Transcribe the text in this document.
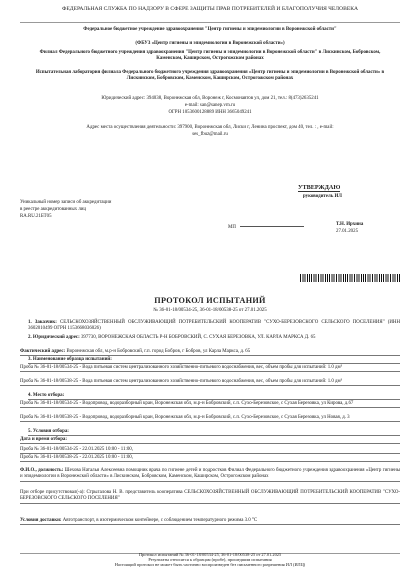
ФЕДЕРАЛЬНАЯ СЛУЖБА ПО НАДЗОРУ В СФЕРЕ ЗАЩИТЫ ПРАВ ПОТРЕБИТЕЛЕЙ И БЛАГОПОЛУЧИЯ ЧЕЛОВЕКА
Федеральное бюджетное учреждение здравоохранения "Центр гигиены и эпидемиологии в Воронежской области"
(ФБУЗ «Центр гигиены и эпидемиологии в Воронежской области»)
Филиал Федерального бюджетного учреждения здравоохранения "Центр гигиены и эпидемиологии в Воронежской области" в Лискинском, Бобровском, Каменском, Каширском, Острогожском районах
Испытательная лаборатория филиала Федерального бюджетного учреждения здравоохранения «Центр гигиены и эпидемиологии в Воронежской области» в Лискинском, Бобровском, Каменском, Каширском, Острогожском районах
Юридический адрес: 394038, Воронежская обл, Воронеж г, Космонавтов ул, дом 21, тел.: 8(473)2635241
e-mail: san@sanep.vrn.ru
ОГРН 1053600128889 ИНН 3665049241
Адрес места осуществления деятельности: 397900, Воронежская обл, Лиски г, Ленина проспект, дом 40, тел. : , e-mail:
ses_fbuz@mail.ru
Уникальный номер записи об аккредитации
в реестре аккредитованных лиц
RA.RU.21БТ05
УТВЕРЖДАЮ
руководитель ИЛ
МП
Т.Н. Ирхина
27.01.2025
ПРОТОКОЛ ИСПЫТАНИЙ
№ 36-01-18/00534-25, 36-01-18/00538-25 от 27.01.2025
1. Заказчик: СЕЛЬСКОХОЗЯЙСТВЕННЫЙ ОБСЛУЖИВАЮЩИЙ ПОТРЕБИТЕЛЬСКИЙ КООПЕРАТИВ "СУХО-БЕРЕЗОВСКОГО СЕЛЬСКОГО ПОСЕЛЕНИЯ" (ИНН 3602010499 ОГРН 1153668036026)
2. Юридический адрес: 397730, ВОРОНЕЖСКАЯ ОБЛАСТЬ Р-Н БОБРОВСКИЙ, С. СУХАЯ БЕРЕЗОВКА, УЛ. КАРЛА МАРКСА Д. 65
Фактический адрес: Воронежская обл, м.р-н Бобровский, г.п. город Бобров, г Бобров, ул Карла Маркса, д. 65
3. Наименование образца испытаний:
Проба № 36-01-18/00534-25 - Вода питьевая систем централизованного хозяйственно-питьевого водоснабжения, вес, объем пробы для испытаний: 1.0 дм³
Проба № 36-01-18/00538-25 - Вода питьевая систем централизованного хозяйственно-питьевого водоснабжения, вес, объем пробы для испытаний: 1.0 дм³
4. Место отбора:
Проба № 36-01-18/00534-25 - Водопровод, водоразборный кран, Воронежская обл, м.р-н Бобровский, с.п. Сухо-Березовское, с Сухая Березовка, ул Кирова, д.67
Проба № 36-01-18/00538-25 - Водопровод, водоразборный кран, Воронежская обл, м.р-н Бобровский, с.п. Сухо-Березовское, с Сухая Березовка, ул Новая, д. 3
5. Условия отбора:
Дата и время отбора:
Проба № 36-01-18/00534-25 - 22.01.2025 10:00 - 11:00,
Проба № 36-01-18/00538-25 - 22.01.2025 10:00 - 11:00,
Ф.И.О., должность: Шехова Наталья Алексеевна помощник врача по гигиене детей и подростков Филиал Федерального бюджетного учреждения здравоохранения «Центр гигиены и эпидемиологии в Воронежской области» в Лискинском, Бобровском, Каменском, Каширском, Острогожском районах
При отборе присутствовал(-а): Стрыгалова Н. В. представитель кооператива СЕЛЬСКОХОЗЯЙСТВЕННЫЙ ОБСЛУЖИВАЮЩИЙ ПОТРЕБИТЕЛЬСКИЙ КООПЕРАТИВ "СУХО-БЕРЕЗОВСКОГО СЕЛЬСКОГО ПОСЕЛЕНИЯ"
Условия доставки: Автотранспорт, в изотермическом контейнере, с соблюдением температурного режима 3.0 °С
Протокол испытаний № 36-01-18/00534-25, 36-01-18/00538-25 от 27.01.2025
Результаты относятся к образцам (пробе), прошедшим испытания
Настоящий протокол не может быть частично воспроизведен без письменного разрешения ИЛ (ИЛЦ)
